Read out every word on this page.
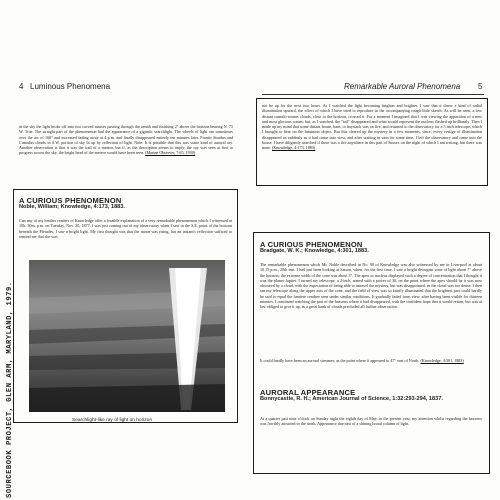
SOURCEBOOK PROJECT, GLEN ARM, MARYLAND, 1979.
4 Luminous Phenomena
in the sky the light broke off into two curved masses passing through the zenith and finishing 2° above the horizon bearing N. 75 W. True. The straight part of the phenomenon had the appearance of a gigantic searchlight. The wheels of light ran sometimes over the arc of 160° and increased fading away at 4 p.m. and finally disappeared entirely ten minutes later. Frantic Sturdus and Cumulus clouds in S.W. portion of sky lit up by reflection of light. Note: It is possible that this was some kind of auroral ray. Another observation is that it was the trail of a meteor, but if, as the description seems to imply, the ray was seen at first to progress across the sky, the bright head of the meteor would have been seen. (Marine Observer, 7:65, 1930)
A CURIOUS PHENOMENON
Noble, William; Knowledge, 4:173, 1883.
Can any of my brother readers of Knowledge offer a feasible explanation of a very remarkable phenomenon which I witnessed at 10h. 30m. p.m. on Tuesday, Nov. 20, 1877. I was just coming out of my observatory when I saw in the S.E. point of the horizon beneath the Pleiades, I saw a bright light. My first thought was that the moon was rising, but an instant's reflection sufficed to remind me that she was
Searchlight-like ray of light on horizon
Remarkable Auroral Phenomena 5
not be up for the next two hours. As I watched the light becoming brighter and brighter, I saw that it threw a kind of radial illumination upward, the effect of which I have tried to reproduce in the accompanying rough little sketch. As will be seen, a few distant cumulo-stratus clouds, close to the horizon, crossed it. For a moment I imagined that I was viewing the apparition of a new and most glorious comet; but, as I watched, the "tail" disappeared and what would represent the nucleus flashed up brilliantly. Then I made up my mind that some distant house, barn, or haystack was on fire, and returned to the observatory for a 5 inch telescope, which I brought to bear on the luminous object. But this cleared up the mystery in a few moments, since, every vestige of illumination disappeared as suddenly as it had come into view, and after waiting in vain for some time, I left the observatory and came into the house. I have diligently searched if there was a fire anywhere in this part of Sussex on the night of which I am writing, but there was none. (Knowledge, 4:173, 1883)
A CURIOUS PHENOMENON
Bradgate, W. K.; Knowledge, 4:301, 1883.
The remarkable phenomenon which Mr. Noble described in No. 90 of Knowledge was also witnessed by me in Liverpool at about 10.15 p.m., 20th inst. I had just been looking at Saturn, when, for the first time, I saw a bright divergent cone of light about 7° above the horizon; the extreme width of the cone was about 3°. The apex or nucleus displayed such a degree of concentration that I thought it was the planet Jupiter. I turned my telescope, a 2-inch, armed with a power of 30, on the point where the apex should be it was now obscured by a cloud, with the expectation of being able to unravel the mystery, but was disappointed, as the cloud was too dense. I then ran my telescope along the upper axis of the cone, and the field of view was so faintly illuminated that the brightest part could hardly be said to equal the lumiere cendree seen under similar conditions. It gradually faded from view, after having been visible for thirteen minutes. I continued watching the part of the heavens where it had disappeared, with the confident hope that it would return, but was at last obliged to give it up, as a great bank of clouds precluded all further observation.
It could hardly have been an auroral streamer, as the point where it appeared to 47° east of North. (Knowledge, 4:301, 1883)
AURORAL APPEARANCE
Bonnycastle, R. H.; American Journal of Science, 1:32:293-294, 1837.
At a quarter past nine o'clock on Sunday night the eighth day of May, in the present year, my attention whilst regarding the heavens was forcibly attracted to the north. Appearance due east of a shining broad column of light.
